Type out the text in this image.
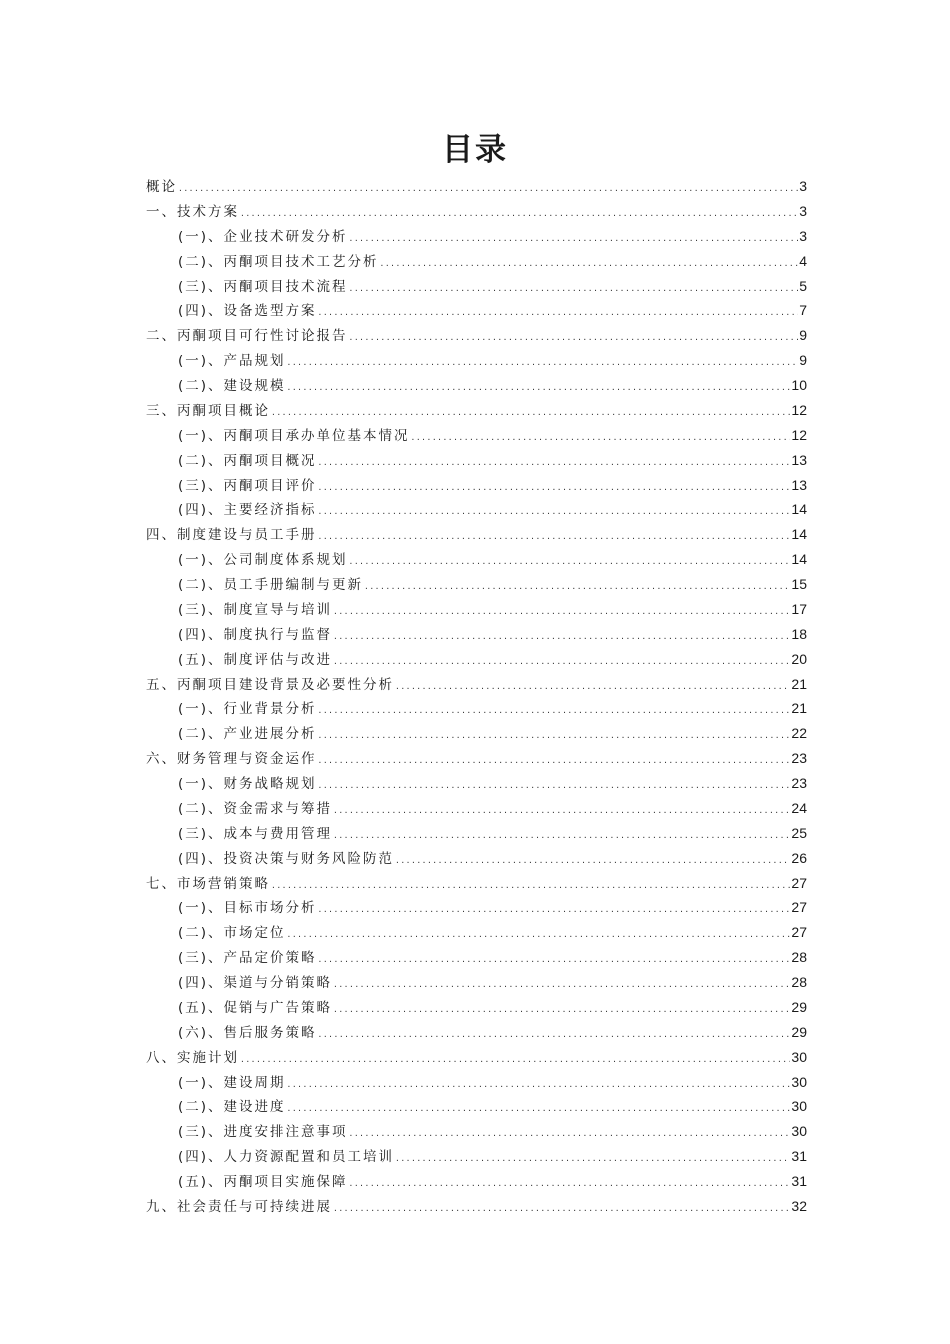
目录
概论 .....	3
一、技术方案 .....	3
(一)、企业技术研发分析 .....	3
(二)、丙酮项目技术工艺分析 .....	4
(三)、丙酮项目技术流程 .....	5
(四)、设备选型方案 .....	7
二、丙酮项目可行性讨论报告 .....	9
(一)、产品规划 .....	9
(二)、建设规模 .....	10
三、丙酮项目概论 .....	12
(一)、丙酮项目承办单位基本情况 .....	12
(二)、丙酮项目概况 .....	13
(三)、丙酮项目评价 .....	13
(四)、主要经济指标 .....	14
四、制度建设与员工手册 .....	14
(一)、公司制度体系规划 .....	14
(二)、员工手册编制与更新 .....	15
(三)、制度宣导与培训 .....	17
(四)、制度执行与监督 .....	18
(五)、制度评估与改进 .....	20
五、丙酮项目建设背景及必要性分析 .....	21
(一)、行业背景分析 .....	21
(二)、产业进展分析 .....	22
六、财务管理与资金运作 .....	23
(一)、财务战略规划 .....	23
(二)、资金需求与筹措 .....	24
(三)、成本与费用管理 .....	25
(四)、投资决策与财务风险防范 .....	26
七、市场营销策略 .....	27
(一)、目标市场分析 .....	27
(二)、市场定位 .....	27
(三)、产品定价策略 .....	28
(四)、渠道与分销策略 .....	28
(五)、促销与广告策略 .....	29
(六)、售后服务策略 .....	29
八、实施计划 .....	30
(一)、建设周期 .....	30
(二)、建设进度 .....	30
(三)、进度安排注意事项 .....	30
(四)、人力资源配置和员工培训 .....	31
(五)、丙酮项目实施保障 .....	31
九、社会责任与可持续进展 .....	32
